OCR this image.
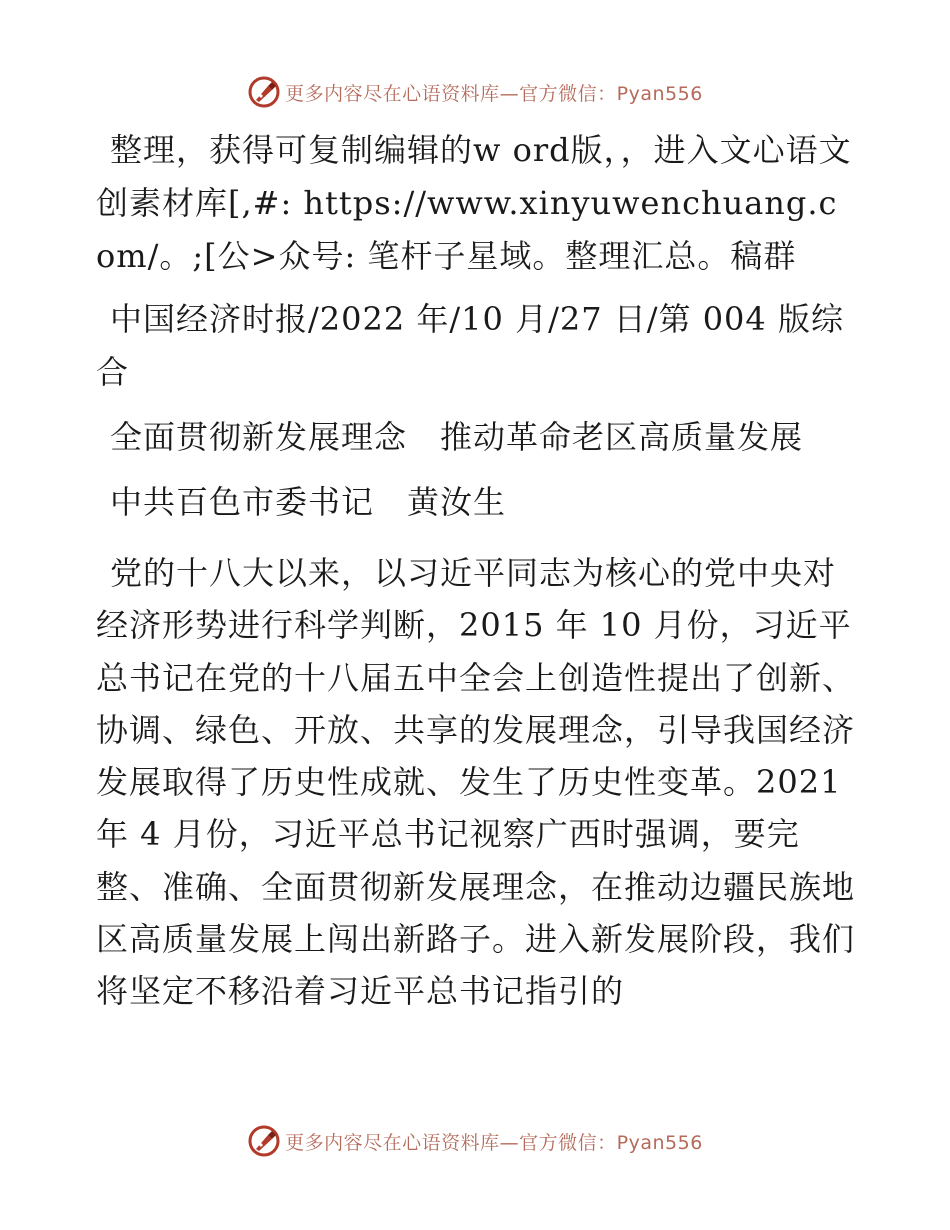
更多内容尽在心语资料库—官方微信：Pyan556

整理，获得可复制编辑的w ord版，，进入文心语文创素材库[,#: https://www.xinyuwenchuang.com/。;[公>众号: 笔杆子星域。整理汇总。稿群

中国经济时报/2022 年/10 月/27 日/第 004 版综合

全面贯彻新发展理念　推动革命老区高质量发展

中共百色市委书记　黄汝生

党的十八大以来，以习近平同志为核心的党中央对经济形势进行科学判断，2015 年 10 月份，习近平总书记在党的十八届五中全会上创造性提出了创新、协调、绿色、开放、共享的发展理念，引导我国经济发展取得了历史性成就、发生了历史性变革。2021 年 4 月份，习近平总书记视察广西时强调，要完整、准确、全面贯彻新发展理念，在推动边疆民族地区高质量发展上闯出新路子。进入新发展阶段，我们将坚定不移沿着习近平总书记指引的

更多内容尽在心语资料库—官方微信：Pyan556
